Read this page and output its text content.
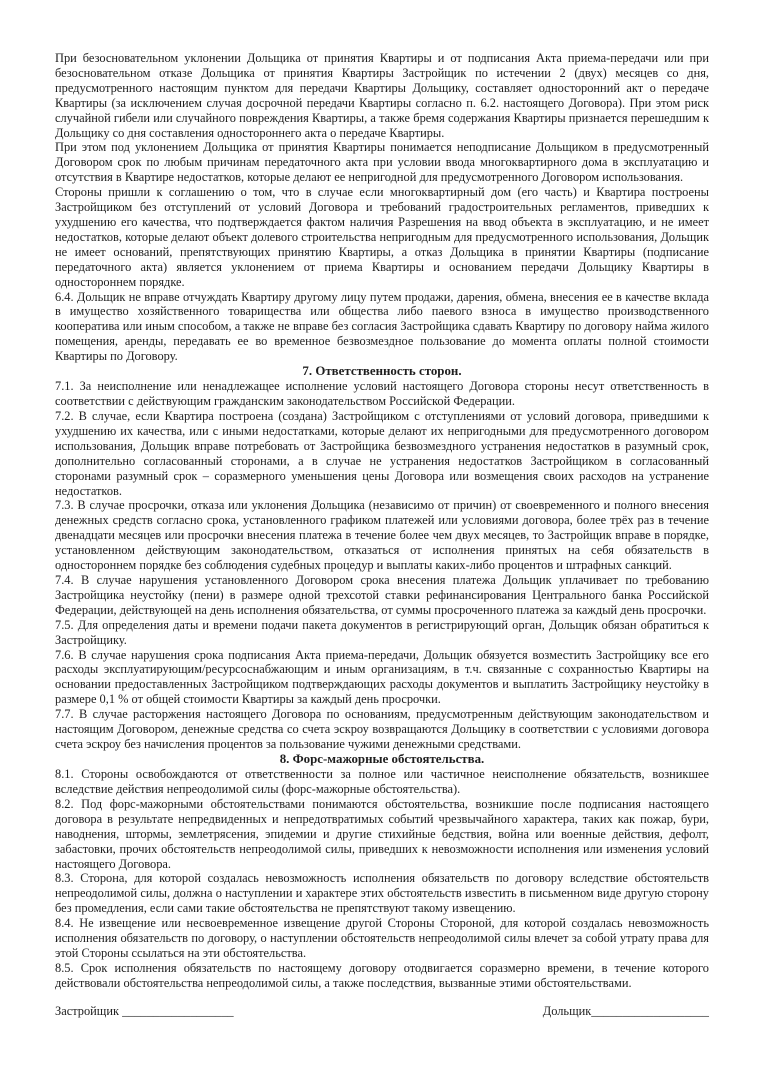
При безосновательном уклонении Дольщика от принятия Квартиры и от подписания Акта приема-передачи или при безосновательном отказе Дольщика от принятия Квартиры Застройщик по истечении 2 (двух) месяцев со дня, предусмотренного настоящим пунктом для передачи Квартиры Дольщику, составляет односторонний акт о передаче Квартиры (за исключением случая досрочной передачи Квартиры согласно п. 6.2. настоящего Договора). При этом риск случайной гибели или случайного повреждения Квартиры, а также бремя содержания Квартиры признается перешедшим к Дольщику со дня составления одностороннего акта о передаче Квартиры.

При этом под уклонением Дольщика от принятия Квартиры понимается неподписание Дольщиком в предусмотренный Договором срок по любым причинам передаточного акта при условии ввода многоквартирного дома в эксплуатацию и отсутствия в Квартире недостатков, которые делают ее непригодной для предусмотренного Договором использования.

Стороны пришли к соглашению о том, что в случае если многоквартирный дом (его часть) и Квартира построены Застройщиком без отступлений от условий Договора и требований градостроительных регламентов, приведших к ухудшению его качества, что подтверждается фактом наличия Разрешения на ввод объекта в эксплуатацию, и не имеет недостатков, которые делают объект долевого строительства непригодным для предусмотренного использования, Дольщик не имеет оснований, препятствующих принятию Квартиры, а отказ Дольщика в принятии Квартиры (подписание передаточного акта) является уклонением от приема Квартиры и основанием передачи Дольщику Квартиры в одностороннем порядке.

6.4. Дольщик не вправе отчуждать Квартиру другому лицу путем продажи, дарения, обмена, внесения ее в качестве вклада в имущество хозяйственного товарищества или общества либо паевого взноса в имущество производственного кооператива или иным способом, а также не вправе без согласия Застройщика сдавать Квартиру по договору найма жилого помещения, аренды, передавать ее во временное безвозмездное пользование до момента оплаты полной стоимости Квартиры по Договору.

7. Ответственность сторон.

7.1. За неисполнение или ненадлежащее исполнение условий настоящего Договора стороны несут ответственность в соответствии с действующим гражданским законодательством Российской Федерации.

7.2. В случае, если Квартира построена (создана) Застройщиком с отступлениями от условий договора, приведшими к ухудшению их качества, или с иными недостатками, которые делают их непригодными для предусмотренного договором использования, Дольщик вправе потребовать от Застройщика безвозмездного устранения недостатков в разумный срок, дополнительно согласованный сторонами, а в случае не устранения недостатков Застройщиком в согласованный сторонами разумный срок – соразмерного уменьшения цены Договора или возмещения своих расходов на устранение недостатков.

7.3. В случае просрочки, отказа или уклонения Дольщика (независимо от причин) от своевременного и полного внесения денежных средств согласно срока, установленного графиком платежей или условиями договора, более трёх раз в течение двенадцати месяцев или просрочки внесения платежа в течение более чем двух месяцев, то Застройщик вправе в порядке, установленном действующим законодательством, отказаться от исполнения принятых на себя обязательств в одностороннем порядке без соблюдения судебных процедур и выплаты каких-либо процентов и штрафных санкций.

7.4. В случае нарушения установленного Договором срока внесения платежа Дольщик уплачивает по требованию Застройщика неустойку (пени) в размере одной трехсотой ставки рефинансирования Центрального банка Российской Федерации, действующей на день исполнения обязательства, от суммы просроченного платежа за каждый день просрочки.

7.5. Для определения даты и времени подачи пакета документов в регистрирующий орган, Дольщик обязан обратиться к Застройщику.

7.6. В случае нарушения срока подписания Акта приема-передачи, Дольщик обязуется возместить Застройщику все его расходы эксплуатирующим/ресурсоснабжающим и иным организациям, в т.ч. связанные с сохранностью Квартиры на основании предоставленных Застройщиком подтверждающих расходы документов и выплатить Застройщику неустойку в размере 0,1 % от общей стоимости Квартиры за каждый день просрочки.

7.7. В случае расторжения настоящего Договора по основаниям, предусмотренным действующим законодательством и настоящим Договором, денежные средства со счета эскроу возвращаются Дольщику в соответствии с условиями договора счета эскроу без начисления процентов за пользование чужими денежными средствами.

8. Форс-мажорные обстоятельства.

8.1. Стороны освобождаются от ответственности за полное или частичное неисполнение обязательств, возникшее вследствие действия непреодолимой силы (форс-мажорные обстоятельства).

8.2. Под форс-мажорными обстоятельствами понимаются обстоятельства, возникшие после подписания настоящего договора в результате непредвиденных и непредотвратимых событий чрезвычайного характера, таких как пожар, бури, наводнения, штормы, землетрясения, эпидемии и другие стихийные бедствия, война или военные действия, дефолт, забастовки, прочих обстоятельств непреодолимой силы, приведших к невозможности исполнения или изменения условий настоящего Договора.

8.3. Сторона, для которой создалась невозможность исполнения обязательств по договору вследствие обстоятельств непреодолимой силы, должна о наступлении и характере этих обстоятельств известить в письменном виде другую сторону без промедления, если сами такие обстоятельства не препятствуют такому извещению.

8.4. Не извещение или несвоевременное извещение другой Стороны Стороной, для которой создалась невозможность исполнения обязательств по договору, о наступлении обстоятельств непреодолимой силы влечет за собой утрату права для этой Стороны ссылаться на эти обстоятельства.

8.5. Срок исполнения обязательств по настоящему договору отодвигается соразмерно времени, в течение которого действовали обстоятельства непреодолимой силы, а также последствия, вызванные этими обстоятельствами.

Застройщик __________________	Дольщик___________________
